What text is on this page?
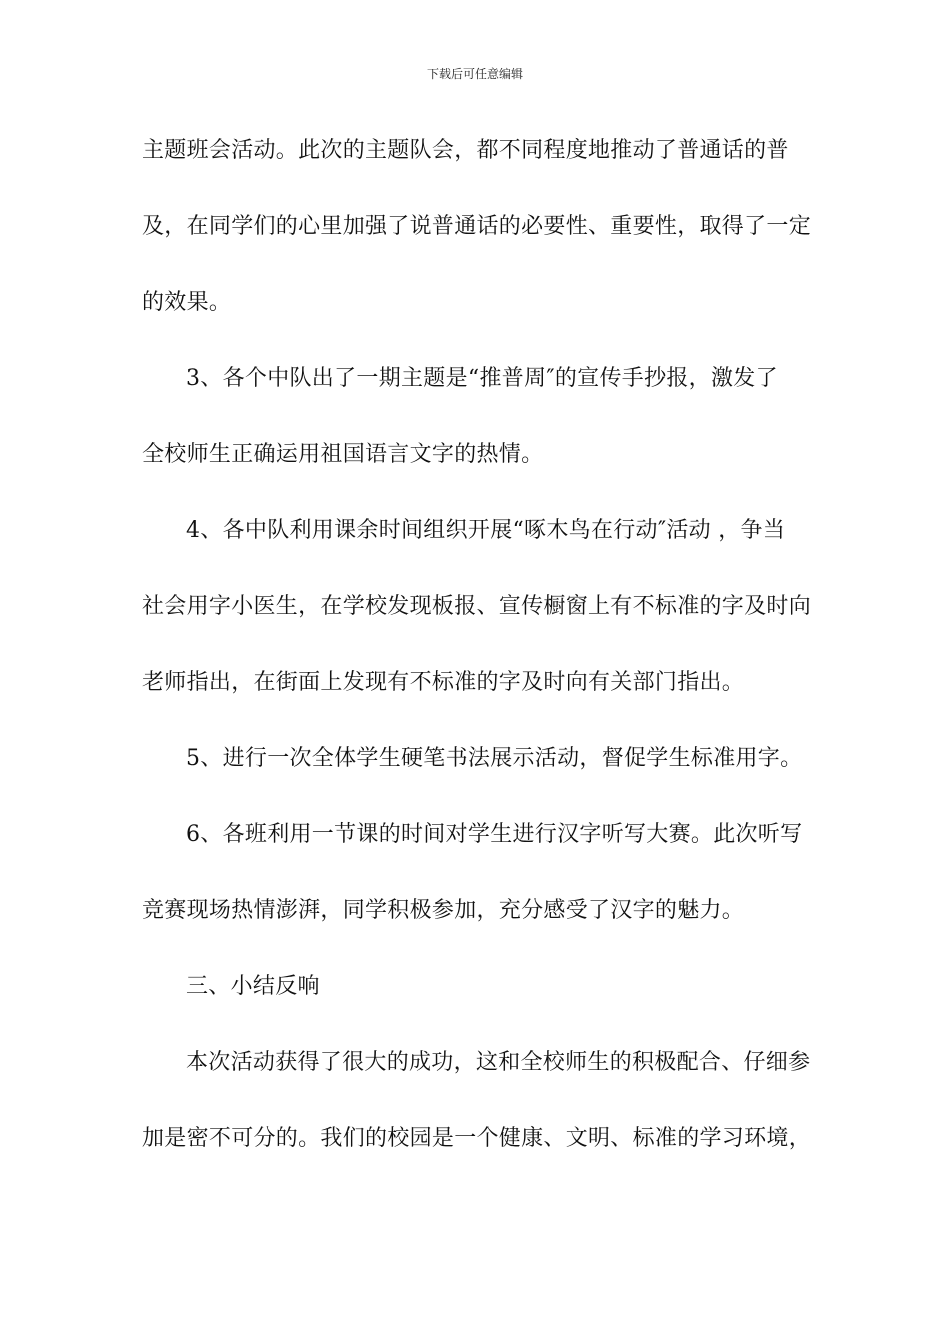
下载后可任意编辑
主题班会活动。此次的主题队会，都不同程度地推动了普通话的普
及，在同学们的心里加强了说普通话的必要性、重要性，取得了一定
的效果。
3、各个中队出了一期主题是“推普周″的宣传手抄报，激发了
全校师生正确运用祖国语言文字的热情。
4、各中队利用课余时间组织开展“啄木鸟在行动″活动 ，争当
社会用字小医生，在学校发现板报、宣传橱窗上有不标准的字及时向
老师指出，在街面上发现有不标准的字及时向有关部门指出。
5、进行一次全体学生硬笔书法展示活动，督促学生标准用字。
6、各班利用一节课的时间对学生进行汉字听写大赛。此次听写
竞赛现场热情澎湃，同学积极参加，充分感受了汉字的魅力。
三、小结反响
本次活动获得了很大的成功，这和全校师生的积极配合、仔细参
加是密不可分的。我们的校园是一个健康、文明、标准的学习环境，
